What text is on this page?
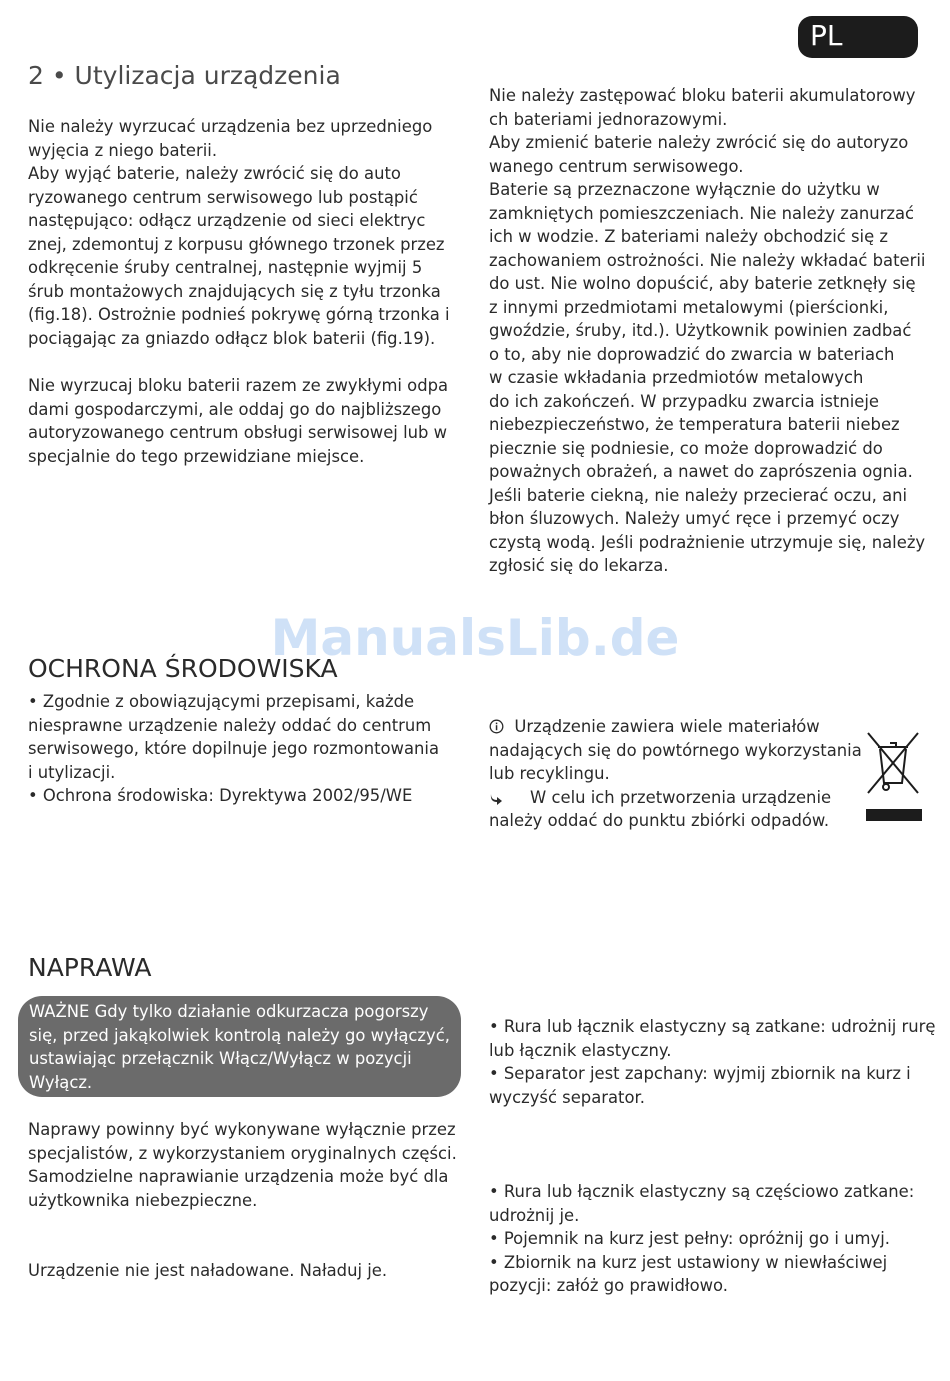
PL
2 • Utylizacja urządzenia
Nie należy wyrzucać urządzenia bez uprzedniego
wyjęcia z niego baterii.
Aby wyjąć baterie, należy zwrócić się do auto
ryzowanego centrum serwisowego lub postąpić
następująco: odłącz urządzenie od sieci elektryc
znej, zdemontuj z korpusu głównego trzonek przez
odkręcenie śruby centralnej, następnie wyjmij 5
śrub montażowych znajdujących się z tyłu trzonka
(fig.18). Ostrożnie podnieś pokrywę górną trzonka i
pociągając za gniazdo odłącz blok baterii (fig.19).
Nie wyrzucaj bloku baterii razem ze zwykłymi odpa
dami gospodarczymi, ale oddaj go do najbliższego
autoryzowanego centrum obsługi serwisowej lub w
specjalnie do tego przewidziane miejsce.
Nie należy zastępować bloku baterii akumulatorowy
ch bateriami jednorazowymi.
Aby zmienić baterie należy zwrócić się do autoryzo
wanego centrum serwisowego.
Baterie są przeznaczone wyłącznie do użytku w
zamkniętych pomieszczeniach. Nie należy zanurzać
ich w wodzie. Z bateriami należy obchodzić się z
zachowaniem ostrożności. Nie należy wkładać baterii
do ust. Nie wolno dopuścić, aby baterie zetknęły się
z innymi przedmiotami metalowymi (pierścionki,
gwoździe, śruby, itd.). Użytkownik powinien zadbać
o to, aby nie doprowadzić do zwarcia w bateriach
w czasie wkładania przedmiotów metalowych
do ich zakończeń. W przypadku zwarcia istnieje
niebezpieczeństwo, że temperatura baterii niebez
piecznie się podniesie, co może doprowadzić do
poważnych obrażeń, a nawet do zaprószenia ognia.
Jeśli baterie ciekną, nie należy przecierać oczu, ani
błon śluzowych. Należy umyć ręce i przemyć oczy
czystą wodą. Jeśli podrażnienie utrzymuje się, należy
zgłosić się do lekarza.
ManualsLib.de
OCHRONA ŚRODOWISKA
• Zgodnie z obowiązującymi przepisami, każde
niesprawne urządzenie należy oddać do centrum
serwisowego, które dopilnuje jego rozmontowania
i utylizacji.
• Ochrona środowiska: Dyrektywa 2002/95/WE
Urządzenie zawiera wiele materiałów
nadających się do powtórnego wykorzystania
lub recyklingu.
W celu ich przetworzenia urządzenie
należy oddać do punktu zbiórki odpadów.
NAPRAWA
WAŻNE Gdy tylko działanie odkurzacza pogorszy
się, przed jakąkolwiek kontrolą należy go wyłączyć,
ustawiając przełącznik Włącz/Wyłącz w pozycji
Wyłącz.
Naprawy powinny być wykonywane wyłącznie przez
specjalistów, z wykorzystaniem oryginalnych części.
Samodzielne naprawianie urządzenia może być dla
użytkownika niebezpieczne.
Urządzenie nie jest naładowane. Naładuj je.
• Rura lub łącznik elastyczny są zatkane: udrożnij rurę
lub łącznik elastyczny.
• Separator jest zapchany: wyjmij zbiornik na kurz i
wyczyść separator.
• Rura lub łącznik elastyczny są częściowo zatkane:
udrożnij je.
• Pojemnik na kurz jest pełny: opróżnij go i umyj.
• Zbiornik na kurz jest ustawiony w niewłaściwej
pozycji: załóż go prawidłowo.
